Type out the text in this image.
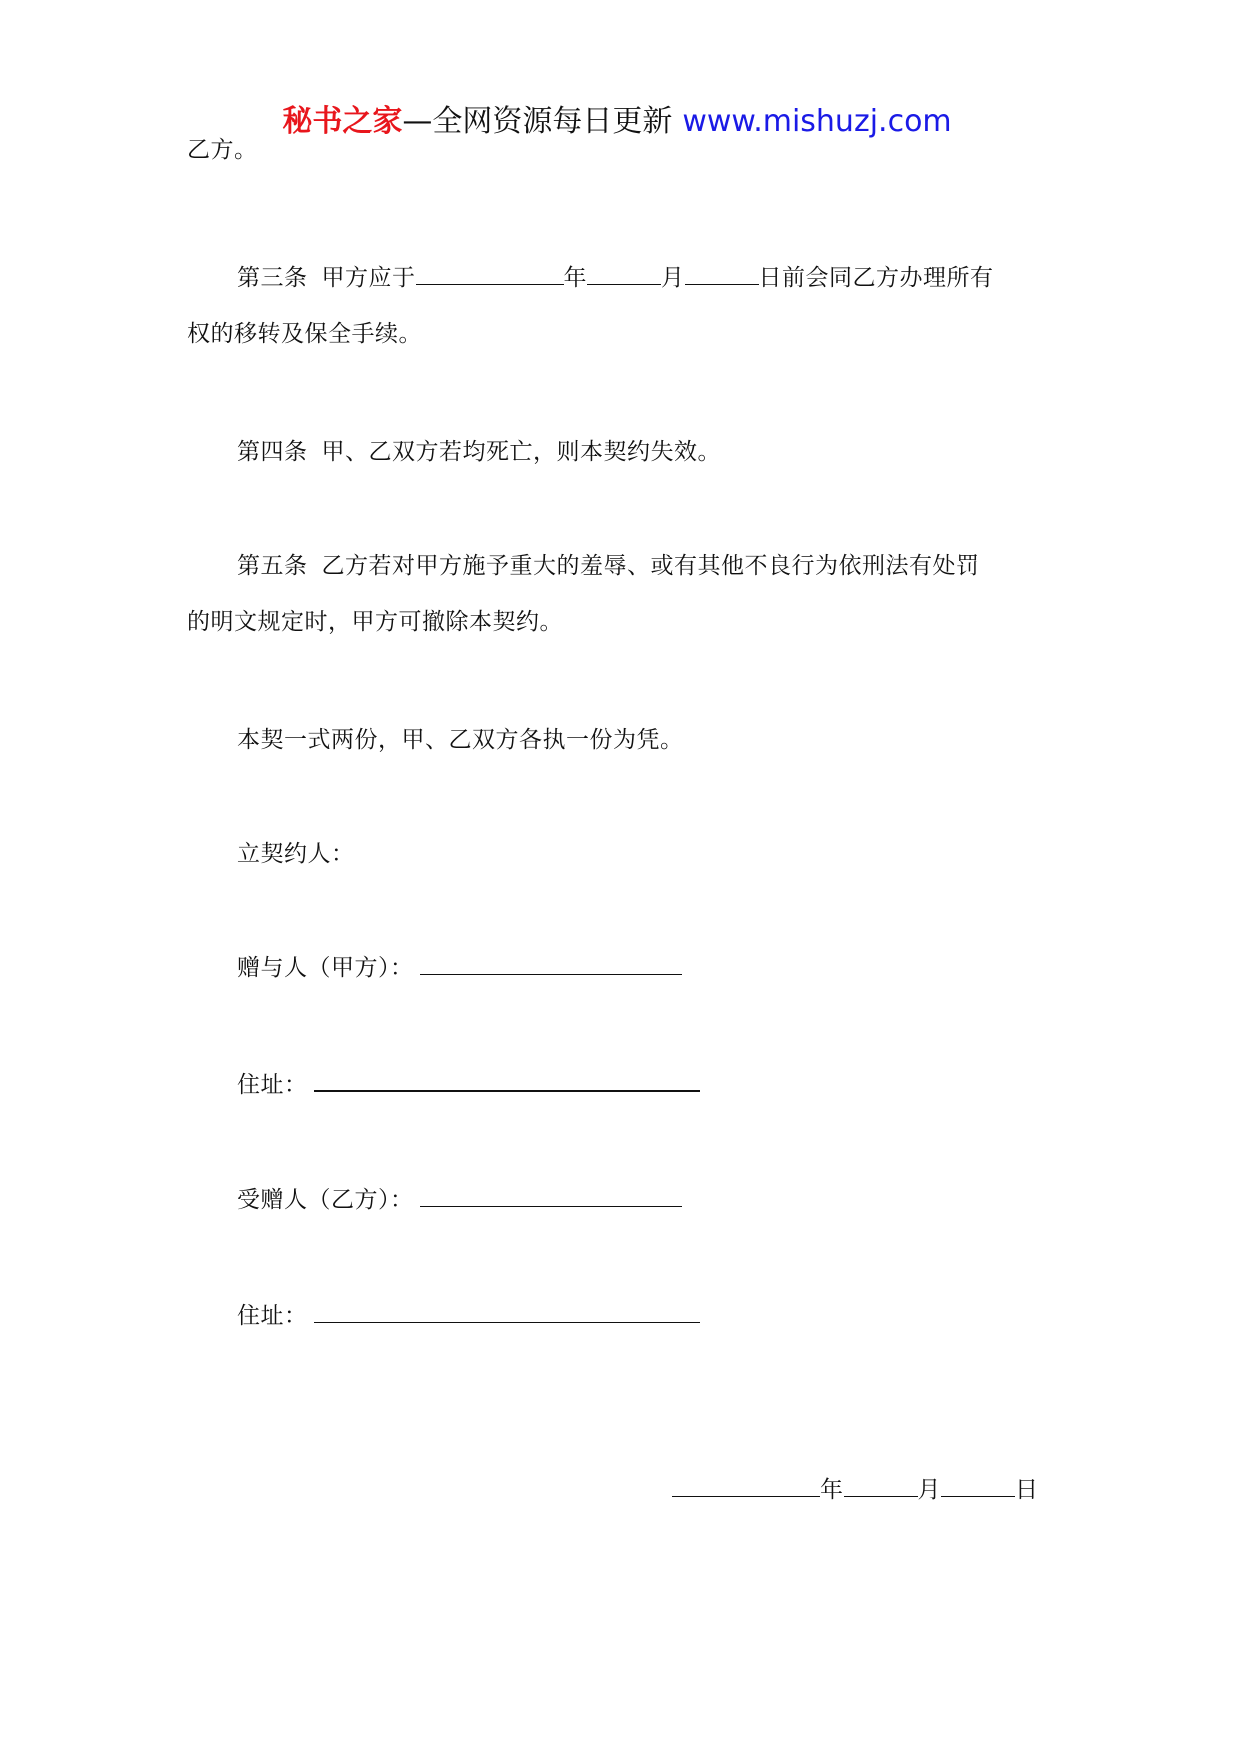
秘书之家—全网资源每日更新 www.mishuzj.com
乙方。
第三条 甲方应于	年	月	日前会同乙方办理所有
权的移转及保全手续。
第四条 甲、乙双方若均死亡，则本契约失效。
第五条 乙方若对甲方施予重大的羞辱、或有其他不良行为依刑法有处罚
的明文规定时，甲方可撤除本契约。
本契一式两份，甲、乙双方各执一份为凭。
立契约人：
赠与人（甲方）：
住址：
受赠人（乙方）：
住址：
年	月	日
